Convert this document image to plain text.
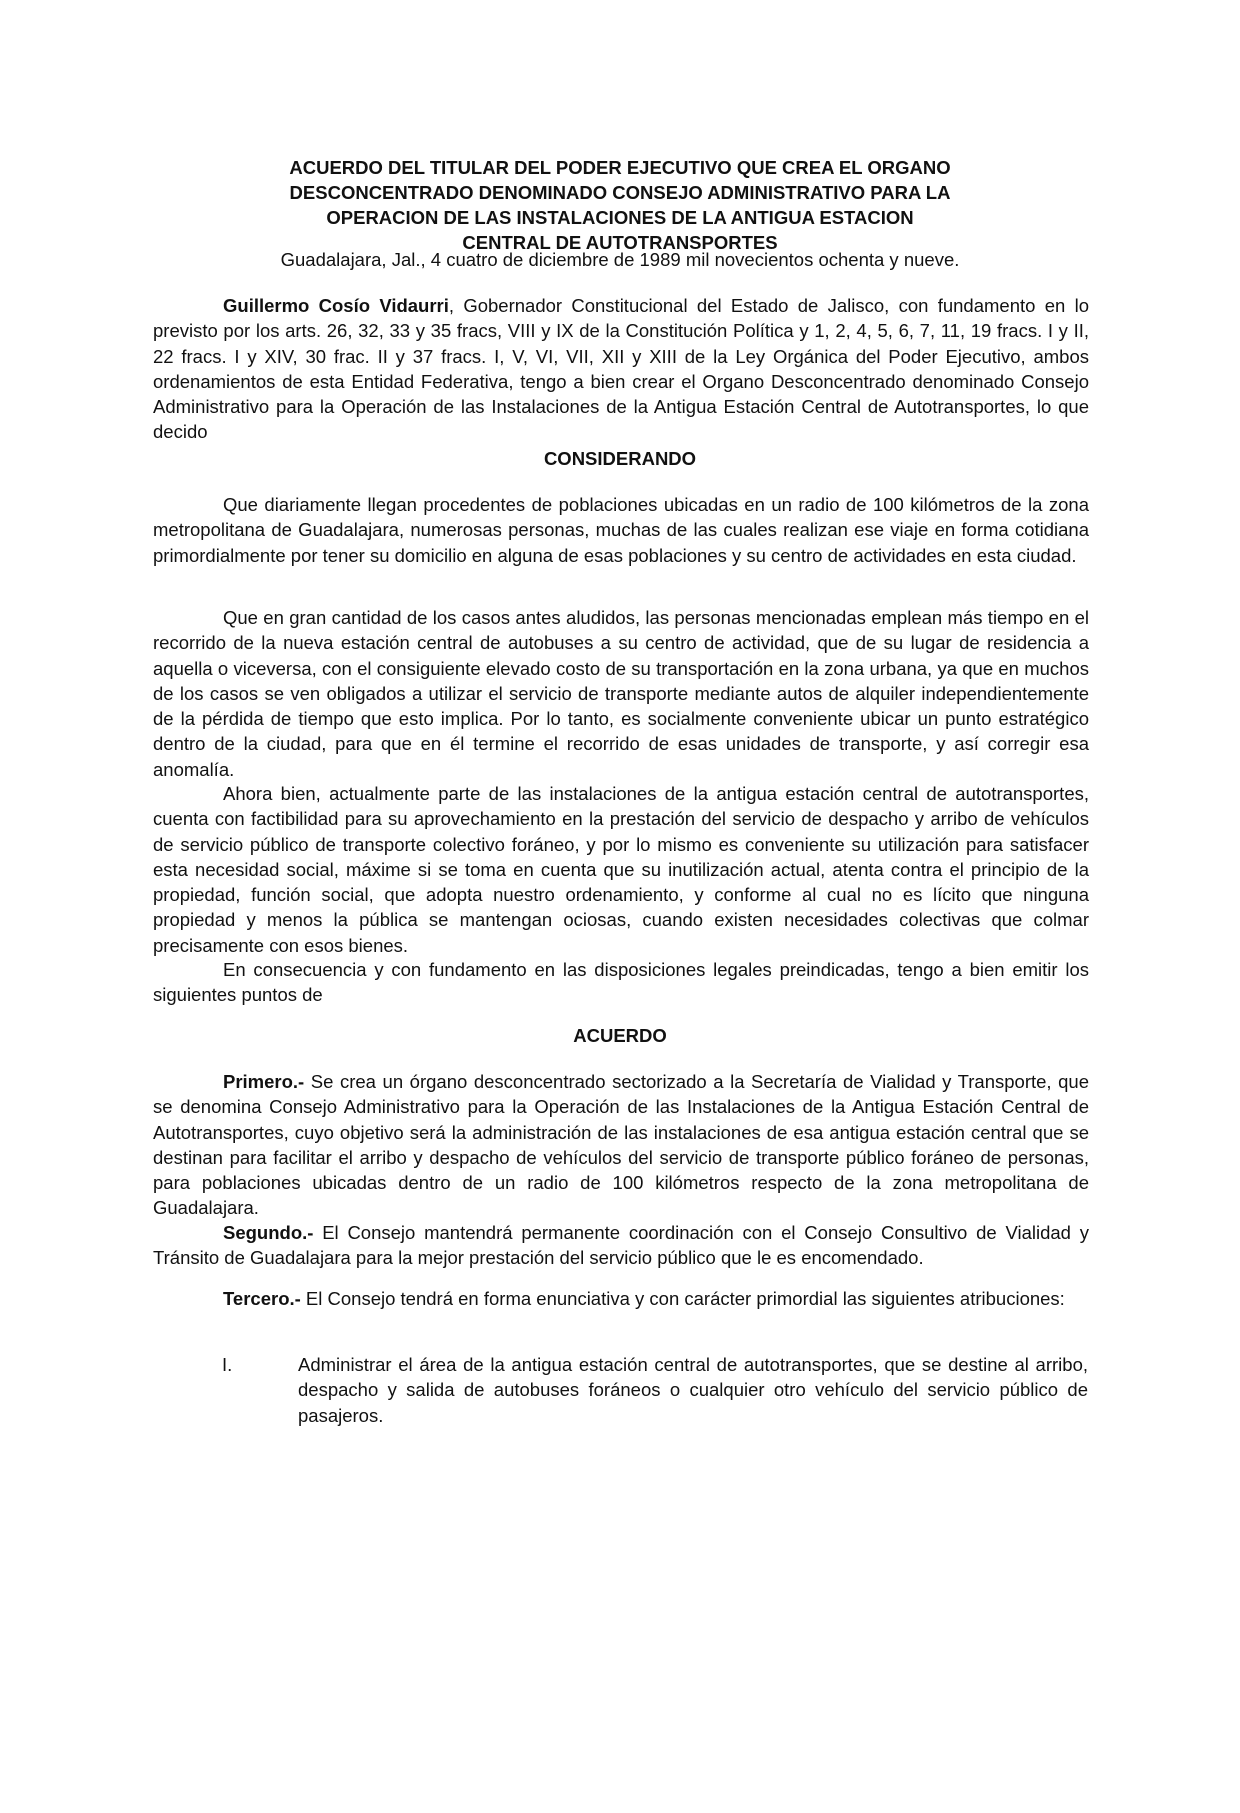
ACUERDO DEL TITULAR DEL PODER EJECUTIVO QUE CREA EL ORGANO
DESCONCENTRADO DENOMINADO CONSEJO ADMINISTRATIVO PARA LA
OPERACION DE LAS INSTALACIONES DE LA ANTIGUA ESTACION
CENTRAL DE AUTOTRANSPORTES

Guadalajara, Jal., 4 cuatro de diciembre de 1989 mil novecientos ochenta y nueve.

Guillermo Cosío Vidaurri, Gobernador Constitucional del Estado de Jalisco, con fundamento en lo previsto por los arts. 26, 32, 33 y 35 fracs, VIII y IX de la Constitución Política y 1, 2, 4, 5, 6, 7, 11, 19 fracs. I y II, 22 fracs. I y XIV, 30 frac. II y 37 fracs. I, V, VI, VII, XII y XIII de la Ley Orgánica del Poder Ejecutivo, ambos ordenamientos de esta Entidad Federativa, tengo a bien crear el Organo Desconcentrado denominado Consejo Administrativo para la Operación de las Instalaciones de la Antigua Estación Central de Autotransportes, lo que decido

CONSIDERANDO

Que diariamente llegan procedentes de poblaciones ubicadas en un radio de 100 kilómetros de la zona metropolitana de Guadalajara, numerosas personas, muchas de las cuales realizan ese viaje en forma cotidiana primordialmente por tener su domicilio en alguna de esas poblaciones y su centro de actividades en esta ciudad.

Que en gran cantidad de los casos antes aludidos, las personas mencionadas emplean más tiempo en el recorrido de la nueva estación central de autobuses a su centro de actividad, que de su lugar de residencia a aquella o viceversa, con el consiguiente elevado costo de su transportación en la zona urbana, ya que en muchos de los casos se ven obligados a utilizar el servicio de transporte mediante autos de alquiler independientemente de la pérdida de tiempo que esto implica. Por lo tanto, es socialmente conveniente ubicar un punto estratégico dentro de la ciudad, para que en él termine el recorrido de esas unidades de transporte, y así corregir esa anomalía.

Ahora bien, actualmente parte de las instalaciones de la antigua estación central de autotransportes, cuenta con factibilidad para su aprovechamiento en la prestación del servicio de despacho y arribo de vehículos de servicio público de transporte colectivo foráneo, y por lo mismo es conveniente su utilización para satisfacer esta necesidad social, máxime si se toma en cuenta que su inutilización actual, atenta contra el principio de la propiedad, función social, que adopta nuestro ordenamiento, y conforme al cual no es lícito que ninguna propiedad y menos la pública se mantengan ociosas, cuando existen necesidades colectivas que colmar precisamente con esos bienes.

En consecuencia y con fundamento en las disposiciones legales preindicadas, tengo a bien emitir los siguientes puntos de

ACUERDO

Primero.- Se crea un órgano desconcentrado sectorizado a la Secretaría de Vialidad y Transporte, que se denomina Consejo Administrativo para la Operación de las Instalaciones de la Antigua Estación Central de Autotransportes, cuyo objetivo será la administración de las instalaciones de esa antigua estación central que se destinan para facilitar el arribo y despacho de vehículos del servicio de transporte público foráneo de personas, para poblaciones ubicadas dentro de un radio de 100 kilómetros respecto de la zona metropolitana de Guadalajara.

Segundo.- El Consejo mantendrá permanente coordinación con el Consejo Consultivo de Vialidad y Tránsito de Guadalajara para la mejor prestación del servicio público que le es encomendado.

Tercero.- El Consejo tendrá en forma enunciativa y con carácter primordial las siguientes atribuciones:

I.	Administrar el área de la antigua estación central de autotransportes, que se destine al arribo, despacho y salida de autobuses foráneos o cualquier otro vehículo del servicio público de pasajeros.
